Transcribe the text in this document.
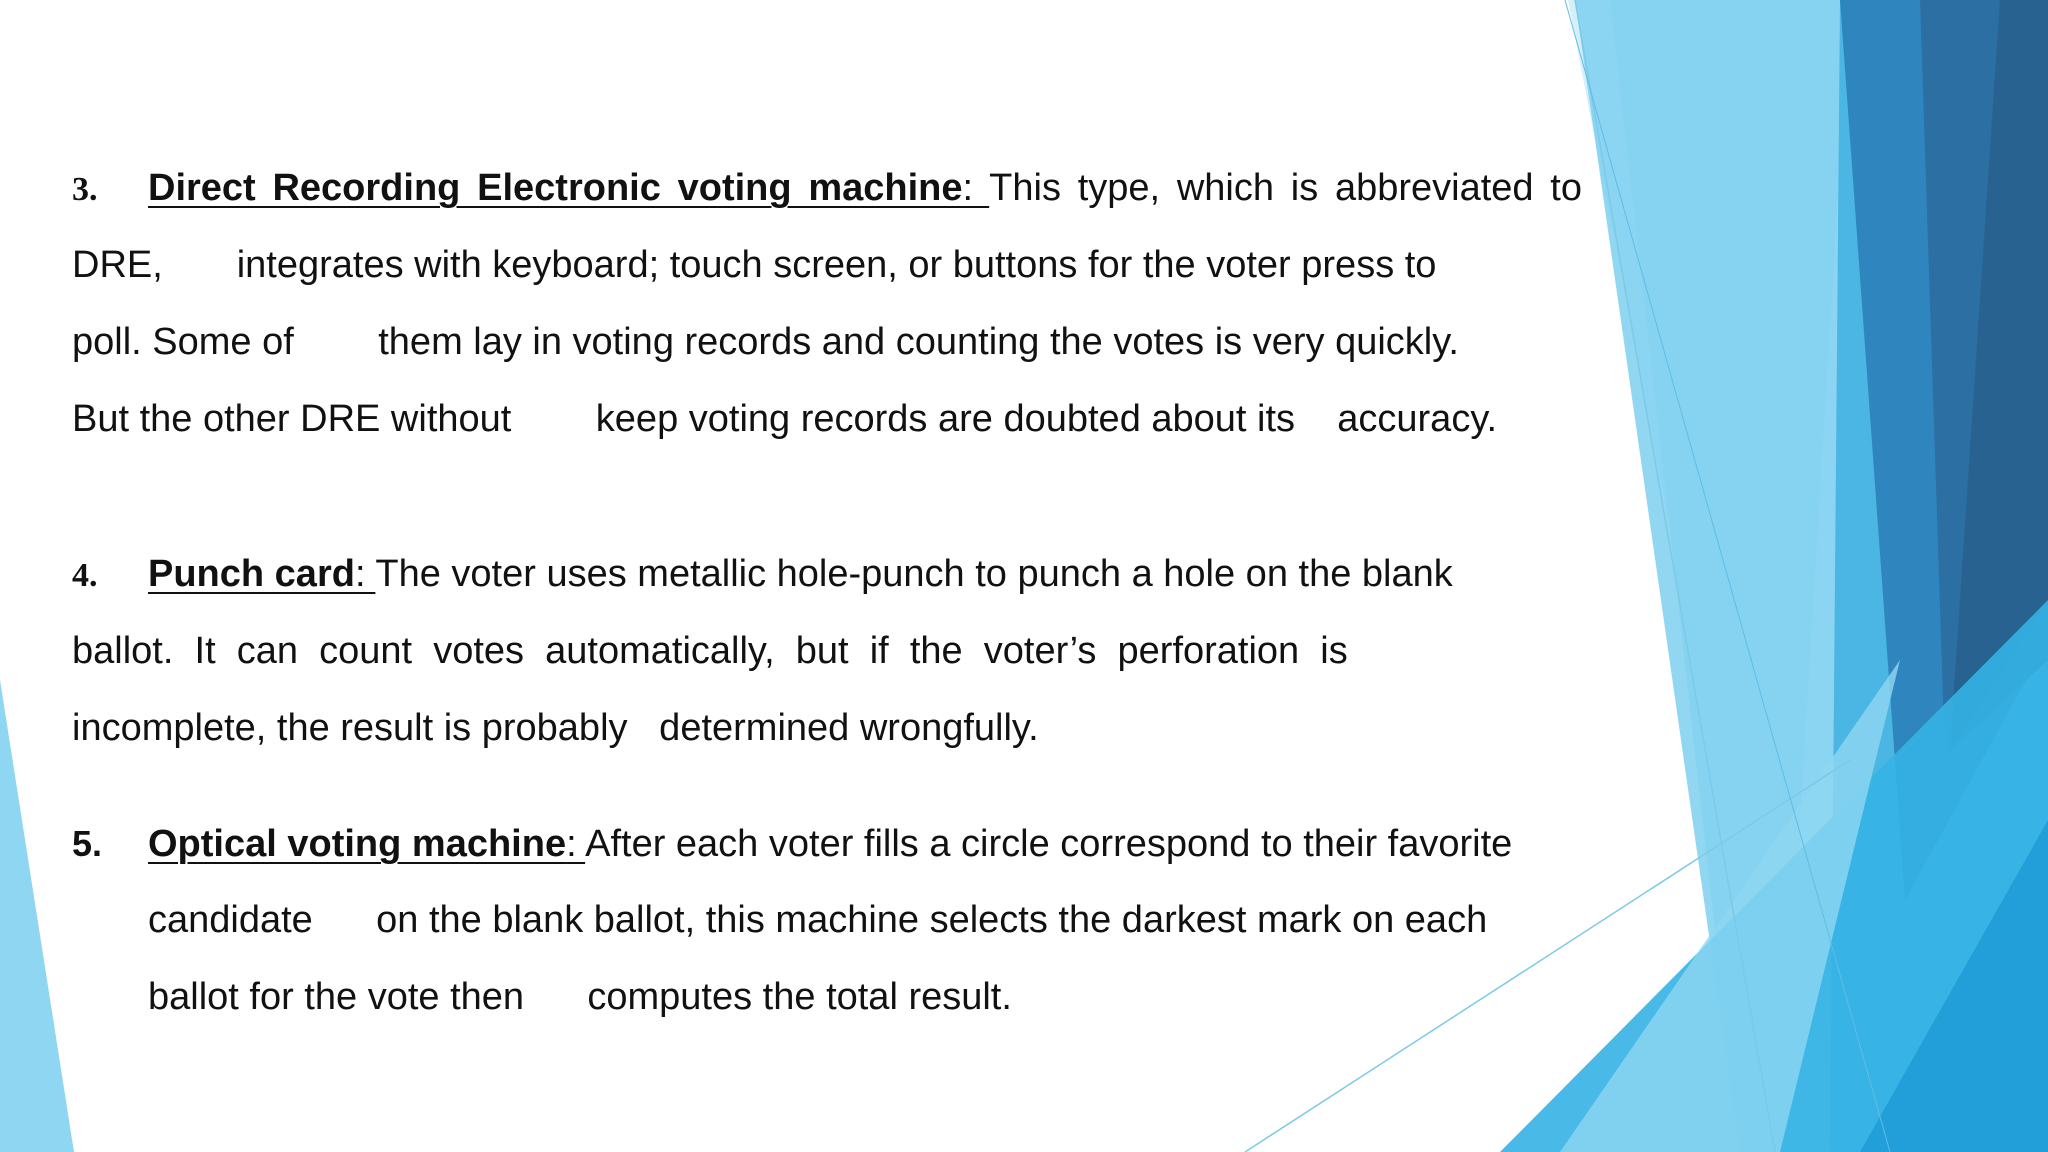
3. Direct Recording Electronic voting machine: This type, which is abbreviated to
DRE,       integrates with keyboard; touch screen, or buttons for the voter press to
poll. Some of        them lay in voting records and counting the votes is very quickly.
But the other DRE without        keep voting records are doubted about its    accuracy.
4. Punch card: The voter uses metallic hole-punch to punch a hole on the blank
ballot.  It  can  count  votes  automatically,  but  if  the  voter’s  perforation  is
incomplete, the result is probably   determined wrongfully.
5. Optical voting machine: After each voter fills a circle correspond to their favorite
candidate      on the blank ballot, this machine selects the darkest mark on each
ballot for the vote then      computes the total result.
